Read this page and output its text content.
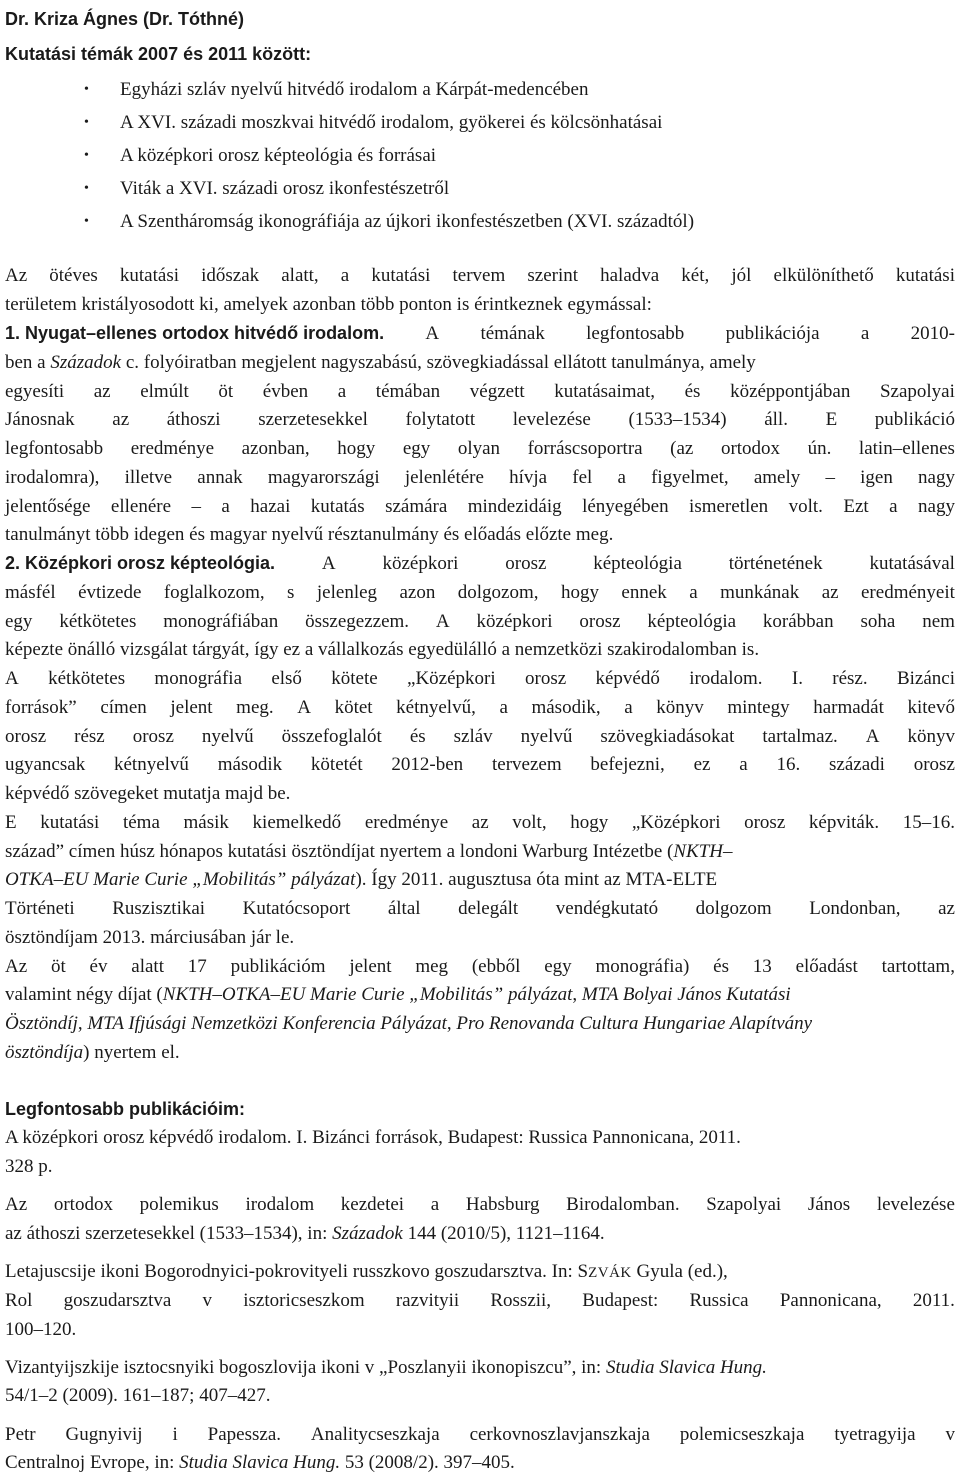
Dr. Kriza Ágnes (Dr. Tóthné)
Kutatási témák 2007 és 2011 között:
• Egyházi szláv nyelvű hitvédő irodalom a Kárpát-medencében
• A XVI. századi moszkvai hitvédő irodalom, gyökerei és kölcsönhatásai
• A középkori orosz képteológia és forrásai
• Viták a XVI. századi orosz ikonfestészetről
• A Szentháromság ikonográfiája az újkori ikonfestészetben (XVI. századtól)
Az ötéves kutatási időszak alatt, a kutatási tervem szerint haladva két, jól elkülöníthető kutatási
területem kristályosodott ki, amelyek azonban több ponton is érintkeznek egymással:
1. Nyugat–ellenes ortodox hitvédő irodalom. A témának legfontosabb publikációja a 2010-
ben a Századok c. folyóiratban megjelent nagyszabású, szövegkiadással ellátott tanulmánya, amely
egyesíti az elmúlt öt évben a témában végzett kutatásaimat, és középpontjában Szapolyai
Jánosnak az áthoszi szerzetesekkel folytatott levelezése (1533–1534) áll. E publikáció
legfontosabb eredménye azonban, hogy egy olyan forráscsoportra (az ortodox ún. latin–ellenes
irodalomra), illetve annak magyarországi jelenlétére hívja fel a figyelmet, amely – igen nagy
jelentősége ellenére – a hazai kutatás számára mindezidáig lényegében ismeretlen volt. Ezt a nagy
tanulmányt több idegen és magyar nyelvű résztanulmány és előadás előzte meg.
2. Középkori orosz képteológia. A középkori orosz képteológia történetének kutatásával
másfél évtizede foglalkozom, s jelenleg azon dolgozom, hogy ennek a munkának az eredményeit
egy kétkötetes monográfiában összegezzem. A középkori orosz képteológia korábban soha nem
képezte önálló vizsgálat tárgyát, így ez a vállalkozás egyedülálló a nemzetközi szakirodalomban is.
A kétkötetes monográfia első kötete „Középkori orosz képvédő irodalom. I. rész. Bizánci
források” címen jelent meg. A kötet kétnyelvű, a második, a könyv mintegy harmadát kitevő
orosz rész orosz nyelvű összefoglalót és szláv nyelvű szövegkiadásokat tartalmaz. A könyv
ugyancsak kétnyelvű második kötetét 2012-ben tervezem befejezni, ez a 16. századi orosz
képvédő szövegeket mutatja majd be.
E kutatási téma másik kiemelkedő eredménye az volt, hogy „Középkori orosz képviták. 15–16.
század” címen húsz hónapos kutatási ösztöndíjat nyertem a londoni Warburg Intézetbe (NKTH–
OTKA–EU Marie Curie „Mobilitás” pályázat). Így 2011. augusztusa óta mint az MTA-ELTE
Történeti Ruszisztikai Kutatócsoport által delegált vendégkutató dolgozom Londonban, az
ösztöndíjam 2013. márciusában jár le.
Az öt év alatt 17 publikációm jelent meg (ebből egy monográfia) és 13 előadást tartottam,
valamint négy díjat (NKTH–OTKA–EU Marie Curie „Mobilitás” pályázat, MTA Bolyai János Kutatási
Ösztöndíj, MTA Ifjúsági Nemzetközi Konferencia Pályázat, Pro Renovanda Cultura Hungariae Alapítvány
ösztöndíja) nyertem el.
Legfontosabb publikációim:
A középkori orosz képvédő irodalom. I. Bizánci források, Budapest: Russica Pannonicana, 2011.
328 p.
Az ortodox polemikus irodalom kezdetei a Habsburg Birodalomban. Szapolyai János levelezése
az áthoszi szerzetesekkel (1533–1534), in: Századok 144 (2010/5), 1121–1164.
Letajuscsije ikoni Bogorodnyici-pokrovityeli russzkovo goszudarsztva. In: SZVÁK Gyula (ed.),
Rol goszudarsztva v isztoricseszkom razvityii Rosszii, Budapest: Russica Pannonicana, 2011.
100–120.
Vizantyijszkije isztocsnyiki bogoszlovija ikoni v „Poszlanyii ikonopiszcu”, in: Studia Slavica Hung.
54/1–2 (2009). 161–187; 407–427.
Petr Gugnyivij i Papessza. Analitycseszkaja cerkovnoszlavjanszkaja polemicseszkaja tyetragyija v
Centralnoj Evrope, in: Studia Slavica Hung. 53 (2008/2). 397–405.
